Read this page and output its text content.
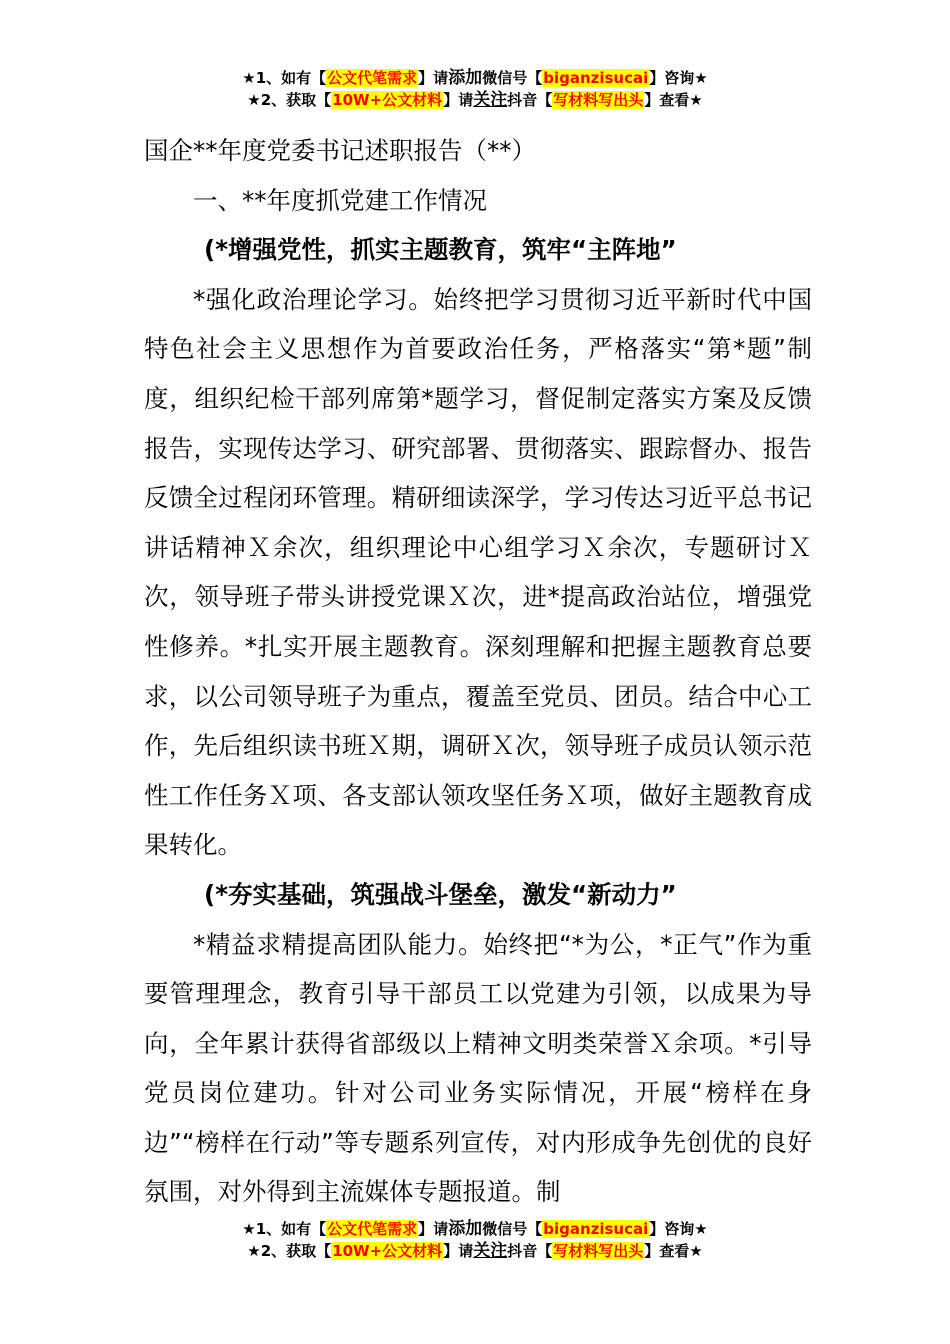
★1、如有【公文代笔需求】请添加微信号【biganzisucai】咨询★
★2、获取【10W+公文材料】请关注抖音【写材料写出头】查看★
国企**年度党委书记述职报告（**）
一、**年度抓党建工作情况
(*增强党性，抓实主题教育，筑牢“主阵地”

*强化政治理论学习。始终把学习贯彻习近平新时代中国特色社会主义思想作为首要政治任务，严格落实“第*题”制度，组织纪检干部列席第*题学习，督促制定落实方案及反馈报告，实现传达学习、研究部署、贯彻落实、跟踪督办、报告反馈全过程闭环管理。精研细读深学，学习传达习近平总书记讲话精神Ｘ余次，组织理论中心组学习Ｘ余次，专题研讨Ｘ次，领导班子带头讲授党课Ｘ次，进*提高政治站位，增强党性修养。*扎实开展主题教育。深刻理解和把握主题教育总要求，以公司领导班子为重点，覆盖至党员、团员。结合中心工作，先后组织读书班Ｘ期，调研Ｘ次，领导班子成员认领示范性工作任务Ｘ项、各支部认领攻坚任务Ｘ项，做好主题教育成果转化。

(*夯实基础，筑强战斗堡垒，激发“新动力”

*精益求精提高团队能力。始终把“*为公，*正气”作为重要管理理念，教育引导干部员工以党建为引领，以成果为导向，全年累计获得省部级以上精神文明类荣誉Ｘ余项。*引导党员岗位建功。针对公司业务实际情况，开展“榜样在身边”“榜样在行动”等专题系列宣传，对内形成争先创优的良好氛围，对外得到主流媒体专题报道。制

★1、如有【公文代笔需求】请添加微信号【biganzisucai】咨询★
★2、获取【10W+公文材料】请关注抖音【写材料写出头】查看★
